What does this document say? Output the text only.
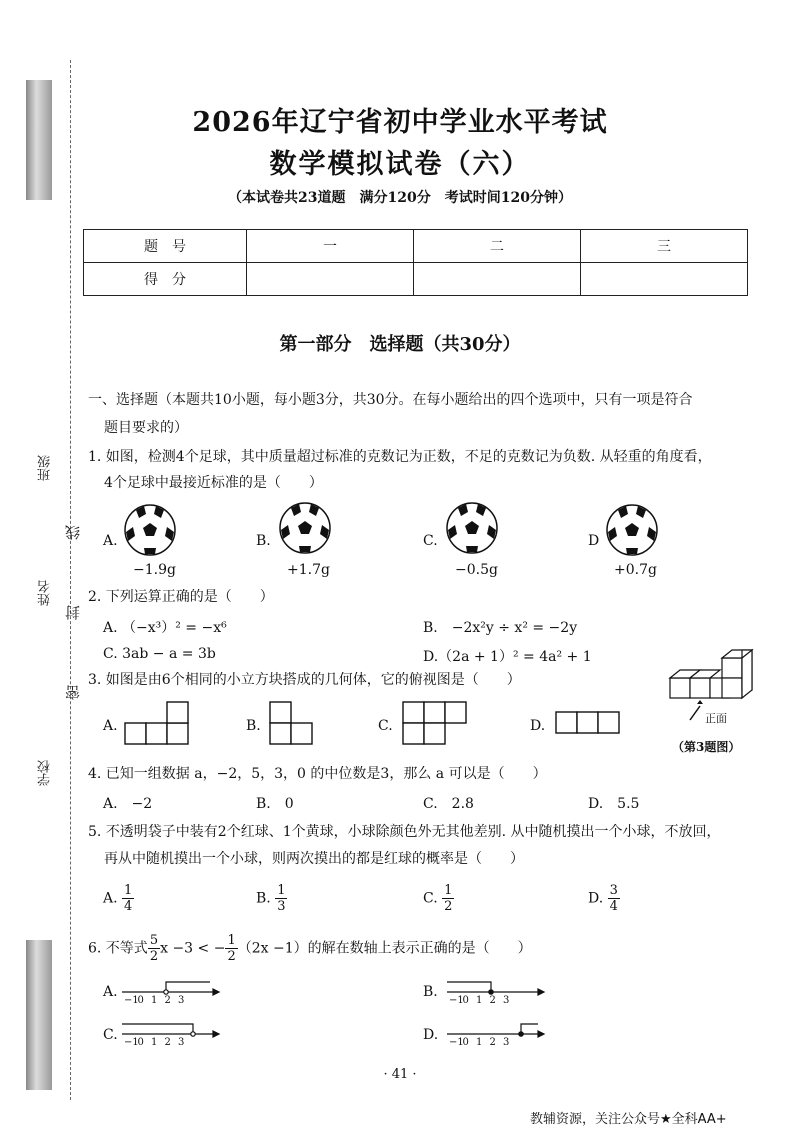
班级
姓名
学校
线
封
密
2026年辽宁省初中学业水平考试
数学模拟试卷（六）
（本试卷共23道题　满分120分　考试时间120分钟）
题　号	一	二	三
得　分			
第一部分　选择题（共30分）
一、选择题（本题共10小题，每小题3分，共30分。在每小题给出的四个选项中，只有一项是符合
题目要求的）
1. 如图，检测4个足球，其中质量超过标准的克数记为正数，不足的克数记为负数. 从轻重的角度看，
4个足球中最接近标准的是（　　）
A.	B.	C.	D
−1.9g	+1.7g	−0.5g	+0.7g
2. 下列运算正确的是（　　）
A. （−x³）² = −x⁶	B.　−2x²y ÷ x² = −2y
C. 3ab − a = 3b	D.（2a + 1）² = 4a² + 1
3. 如图是由6个相同的小立方块搭成的几何体，它的俯视图是（　　）
A.	B.	C.	D.	正面
（第3题图）
4. 已知一组数据 a，−2，5，3，0 的中位数是3，那么 a 可以是（　　）
A.　−2	B.　0	C.　2.8	D.　5.5
5. 不透明袋子中装有2个红球、1个黄球，小球除颜色外无其他差别. 从中随机摸出一个小球，不放回，
再从中随机摸出一个小球，则两次摸出的都是红球的概率是（　　）
A. $\frac{1}{4}$	B. $\frac{1}{3}$	C. $\frac{1}{2}$	D. $\frac{3}{4}$
6. 不等式 $\frac{5}{2}$ x −3 < − $\frac{1}{2} (2x -1)$的解在数轴上表示正确的是（　　）
A.	B.
C.	D.
−1
0 1 2 3	−1
0 1 2 3
−1
0 1 2 3	−1
0 1 2 3
· 41 ·
教辅资源，关注公众号★全科AA+
